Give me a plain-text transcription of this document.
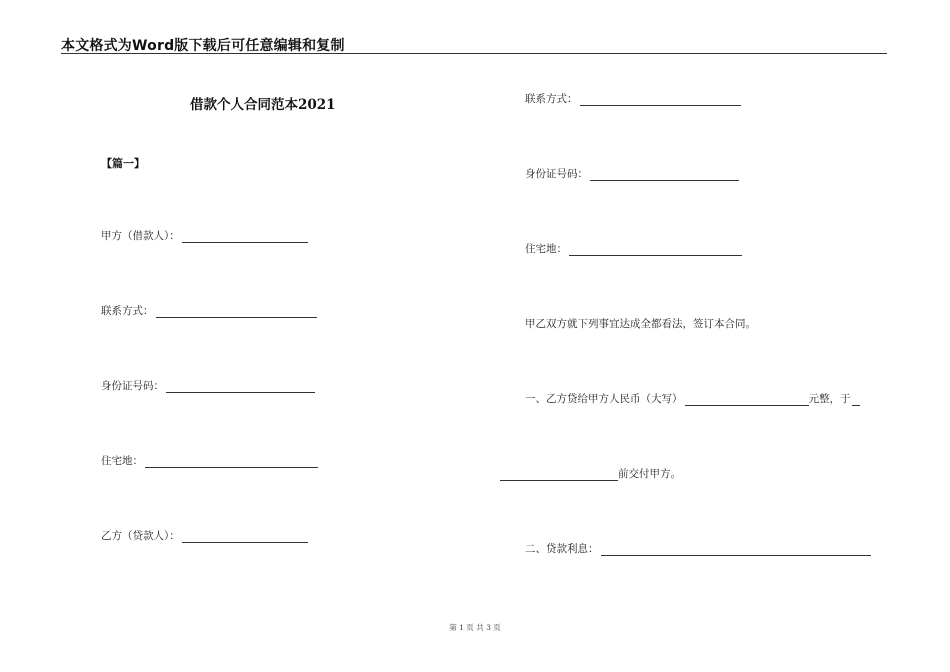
本文格式为Word版下载后可任意编辑和复制
借款个人合同范本2021
【篇一】
甲方（借款人）：
联系方式：
身份证号码：
住宅地：
乙方（贷款人）：
联系方式：
身份证号码：
住宅地：
甲乙双方就下列事宜达成全都看法，签订本合同。
一、乙方贷给甲方人民币（大写）	元整，于
前交付甲方。
二、贷款利息：
第 1 页 共 3 页
